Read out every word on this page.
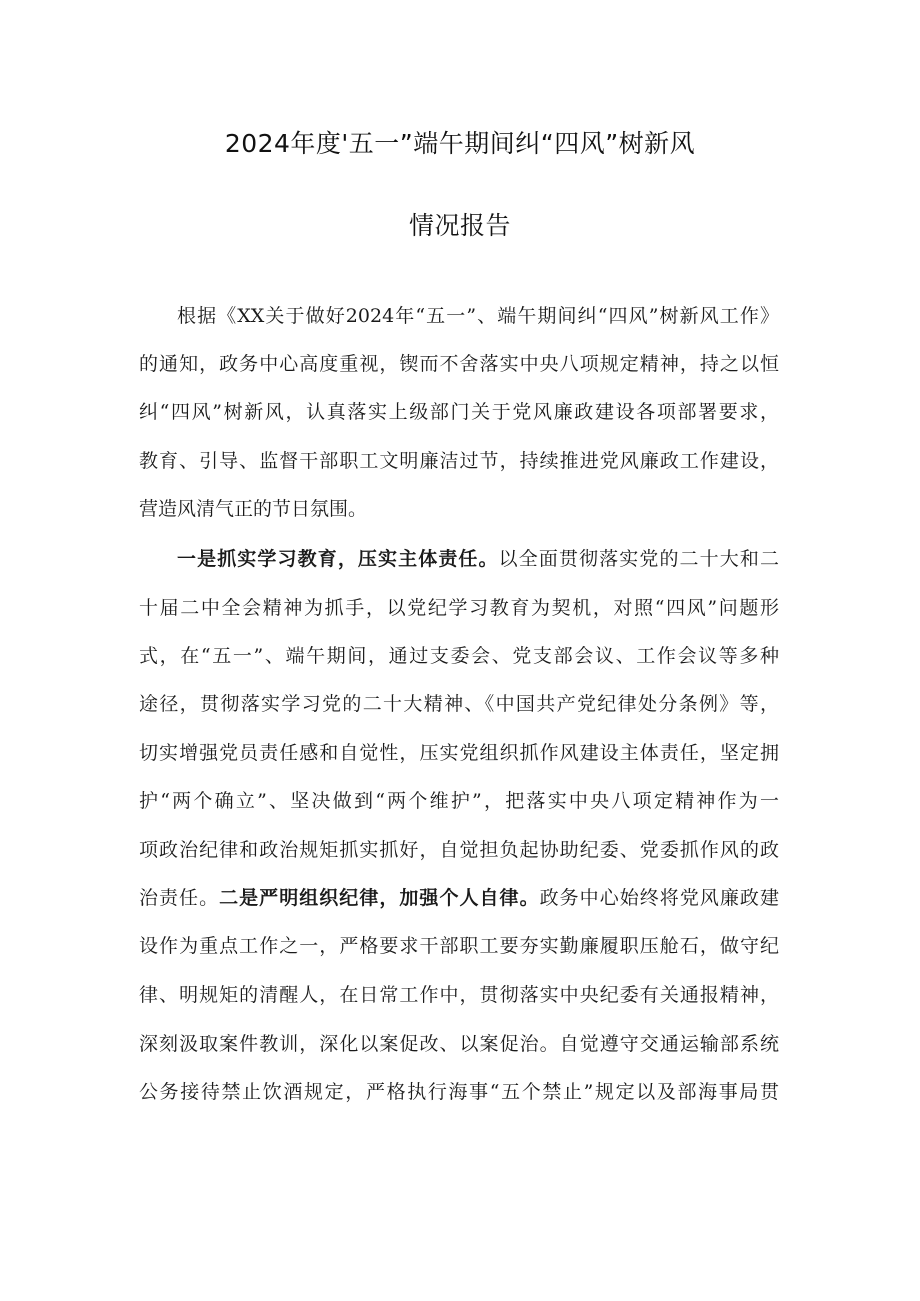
2024年度'五一”端午期间纠“四风”树新风
情况报告
根据《XX关于做好2024年“五一”、端午期间纠“四风”树新风工作》
的通知，政务中心高度重视，锲而不舍落实中央八项规定精神，持之以恒
纠“四风”树新风，认真落实上级部门关于党风廉政建设各项部署要求，
教育、引导、监督干部职工文明廉洁过节，持续推进党风廉政工作建设，
营造风清气正的节日氛围。
一是抓实学习教育，压实主体责任。以全面贯彻落实党的二十大和二
十届二中全会精神为抓手，以党纪学习教育为契机，对照“四风”问题形
式，在“五一”、端午期间，通过支委会、党支部会议、工作会议等多种
途径，贯彻落实学习党的二十大精神、《中国共产党纪律处分条例》等，
切实增强党员责任感和自觉性，压实党组织抓作风建设主体责任，坚定拥
护“两个确立”、坚决做到“两个维护”，把落实中央八项定精神作为一
项政治纪律和政治规矩抓实抓好，自觉担负起协助纪委、党委抓作风的政
治责任。二是严明组织纪律，加强个人自律。政务中心始终将党风廉政建
设作为重点工作之一，严格要求干部职工要夯实勤廉履职压舱石，做守纪
律、明规矩的清醒人，在日常工作中，贯彻落实中央纪委有关通报精神，
深刻汲取案件教训，深化以案促改、以案促治。自觉遵守交通运输部系统
公务接待禁止饮酒规定，严格执行海事“五个禁止”规定以及部海事局贯
